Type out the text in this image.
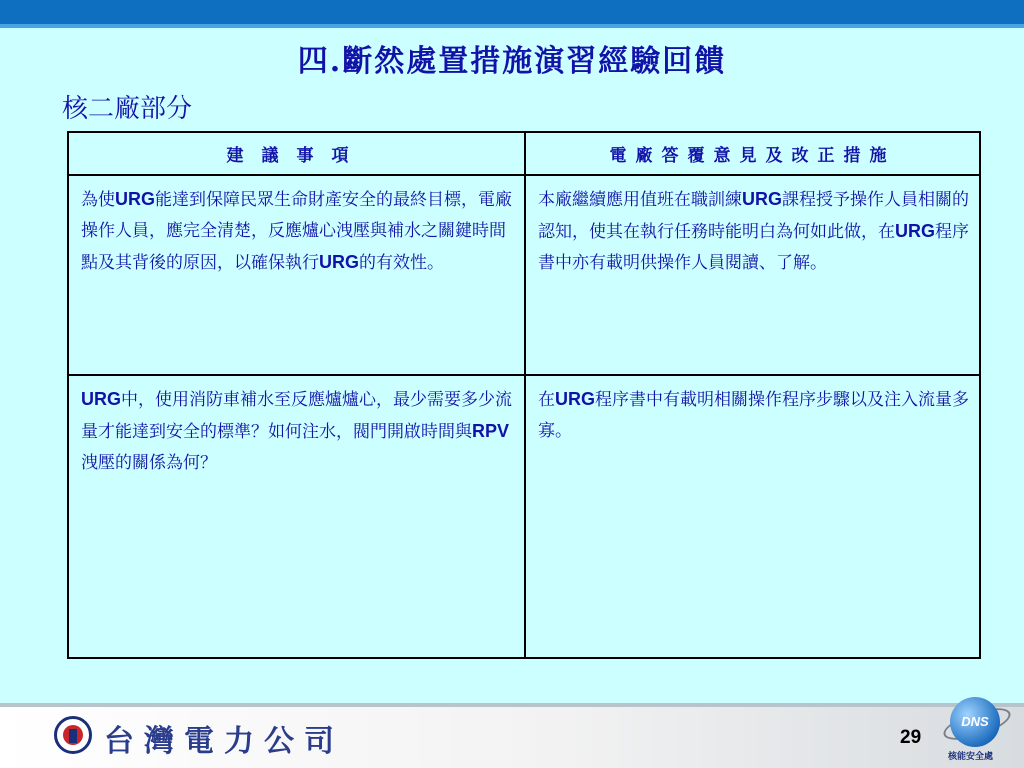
四.斷然處置措施演習經驗回饋
核二廠部分
建議事項	電廠答覆意見及改正措施
為使URG能達到保障民眾生命財產安全的最終目標，電廠操作人員，應完全清楚，反應爐心洩壓與補水之關鍵時間點及其背後的原因，以確保執行URG的有效性。	本廠繼續應用值班在職訓練URG課程授予操作人員相關的認知，使其在執行任務時能明白為何如此做，在URG程序書中亦有載明供操作人員閱讀、了解。
URG中，使用消防車補水至反應爐爐心，最少需要多少流量才能達到安全的標準？如何注水，閥門開啟時間與RPV洩壓的關係為何？	在URG程序書中有載明相關操作程序步驟以及注入流量多寡。
台灣電力公司	29
DNS
核能安全處
